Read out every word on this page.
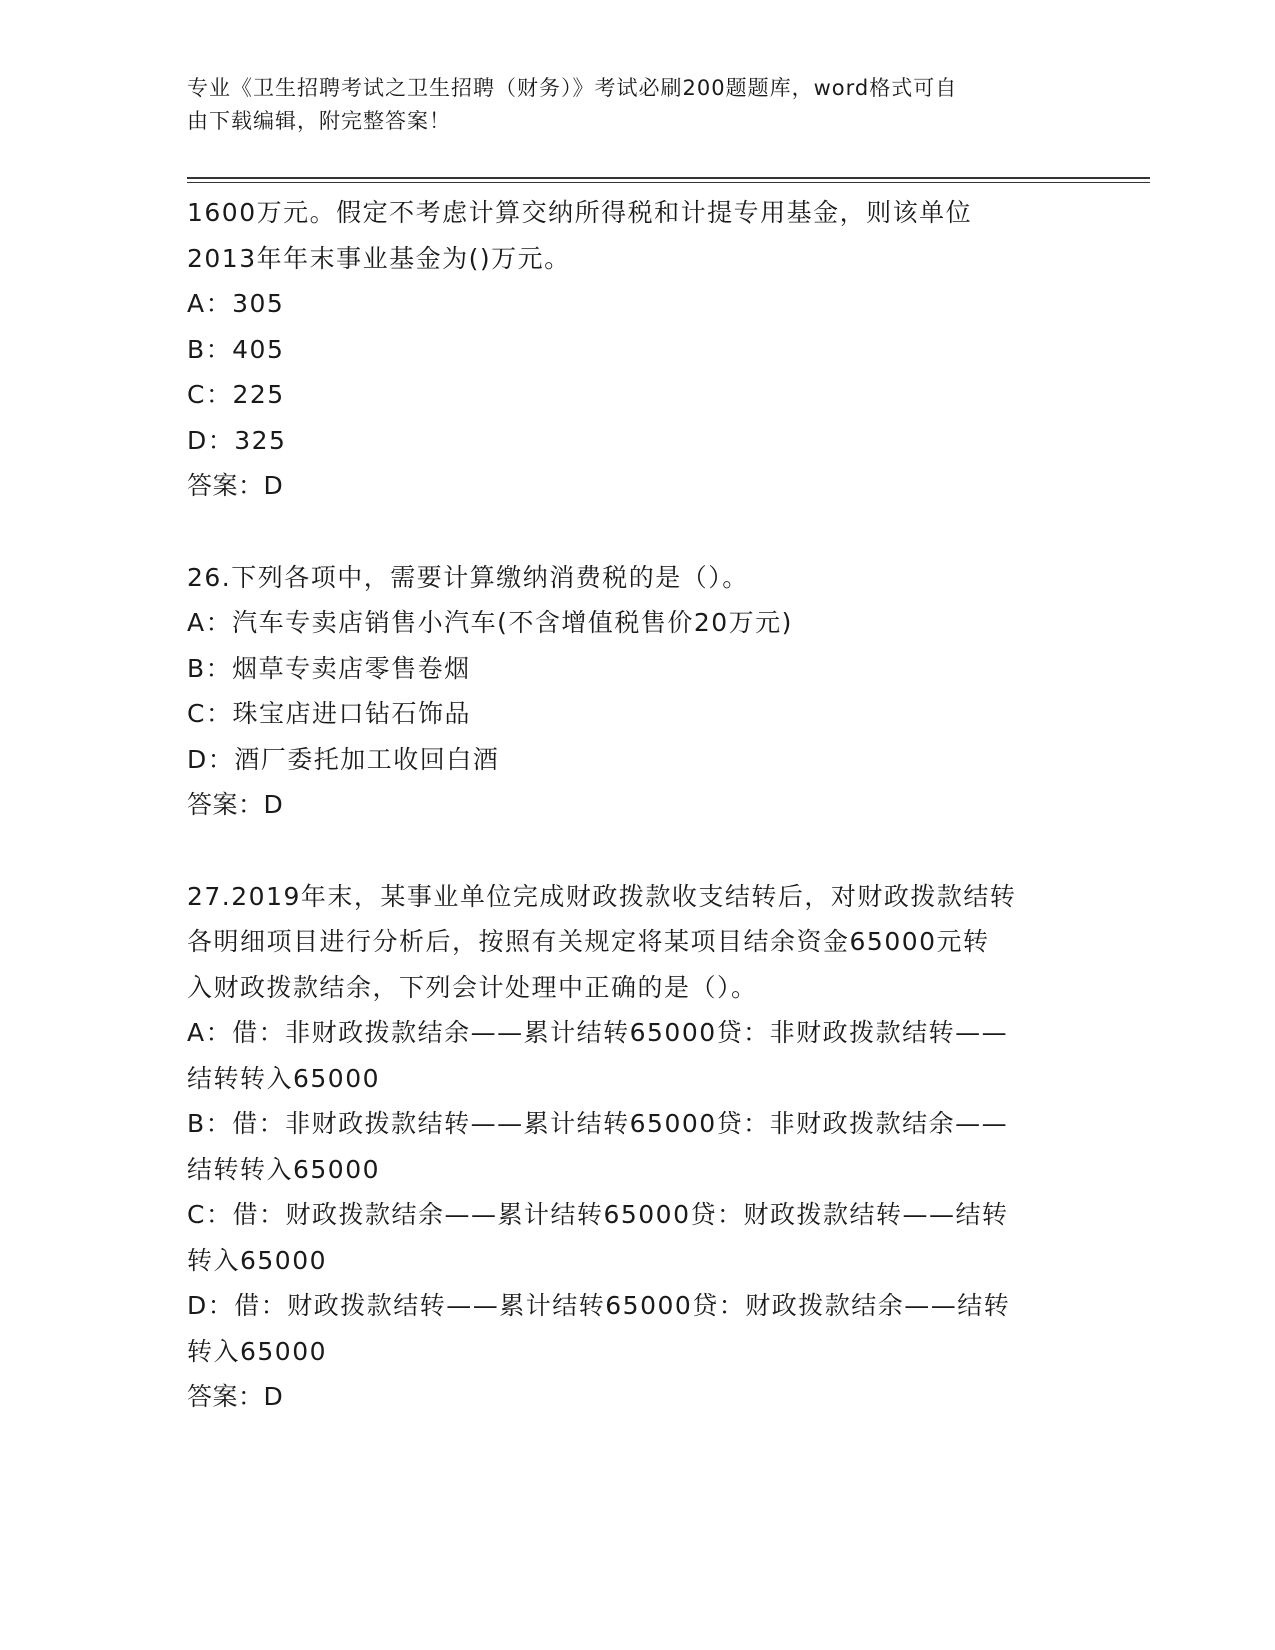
专业《卫生招聘考试之卫生招聘（财务）》考试必刷200题题库，word格式可自
由下载编辑，附完整答案！

1600万元。假定不考虑计算交纳所得税和计提专用基金，则该单位

2013年年末事业基金为()万元。

A：305

B：405

C：225

D：325

答案：D

26.下列各项中，需要计算缴纳消费税的是（）。

A：汽车专卖店销售小汽车(不含增值税售价20万元)

B：烟草专卖店零售卷烟

C：珠宝店进口钻石饰品

D：酒厂委托加工收回白酒

答案：D

27.2019年末，某事业单位完成财政拨款收支结转后，对财政拨款结转

各明细项目进行分析后，按照有关规定将某项目结余资金65000元转

入财政拨款结余，下列会计处理中正确的是（）。

A：借：非财政拨款结余——累计结转65000贷：非财政拨款结转——

结转转入65000

B：借：非财政拨款结转——累计结转65000贷：非财政拨款结余——

结转转入65000

C：借：财政拨款结余——累计结转65000贷：财政拨款结转——结转

转入65000

D：借：财政拨款结转——累计结转65000贷：财政拨款结余——结转

转入65000

答案：D
